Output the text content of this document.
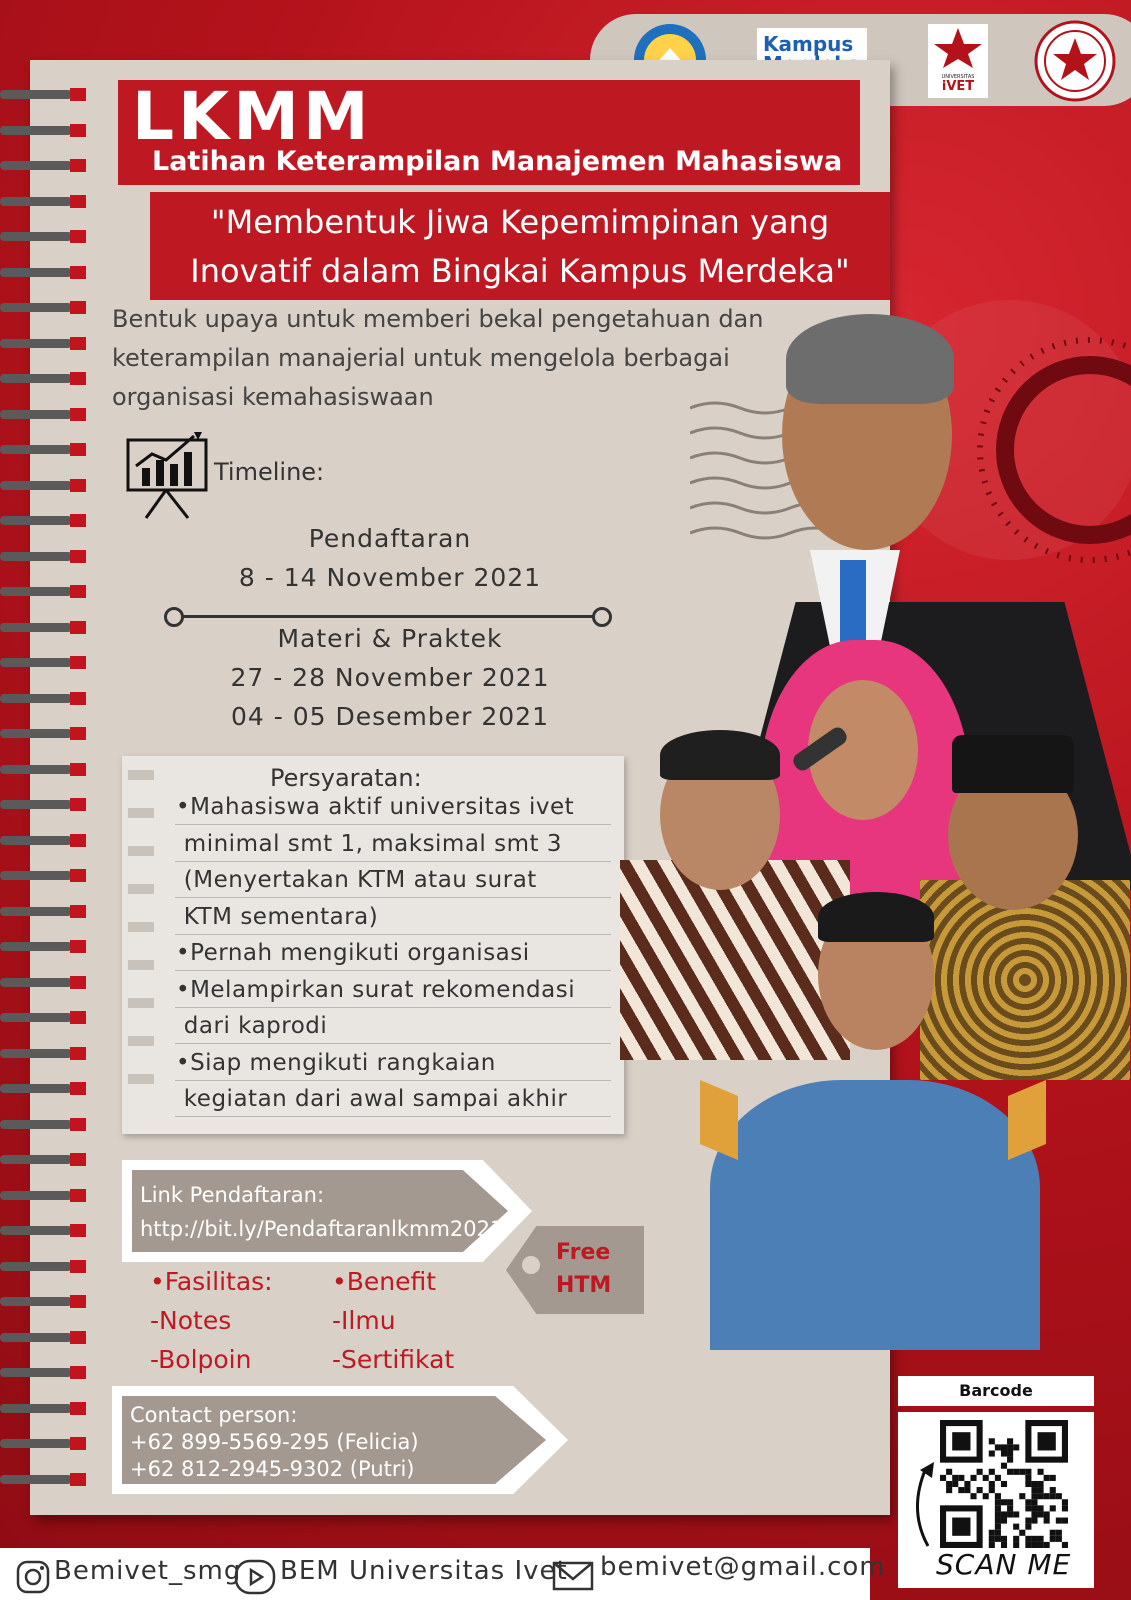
Kampus
UNIVERSITAS
iVET
LKMM
Latihan Keterampilan Manajemen Mahasiswa
"Membentuk Jiwa Kepemimpinan yang
Inovatif dalam Bingkai Kampus Merdeka"
Bentuk upaya untuk memberi bekal pengetahuan dan
keterampilan manajerial untuk mengelola berbagai
organisasi kemahasiswaan
Timeline:
Pendaftaran
8 - 14 November 2021
Materi & Praktek
27 - 28 November 2021
04 - 05 Desember 2021
Persyaratan:
•Mahasiswa aktif universitas ivet
minimal smt 1, maksimal smt 3
(Menyertakan KTM atau surat
KTM sementara)
•Pernah mengikuti organisasi
•Melampirkan surat rekomendasi
dari kaprodi
•Siap mengikuti rangkaian
kegiatan dari awal sampai akhir
Link Pendaftaran:
http://bit.ly/Pendaftaranlkmm2021
Free
HTM
•Fasilitas:
-Notes
-Bolpoin
•Benefit
-Ilmu
-Sertifikat
Contact person:
+62 899-5569-295 (Felicia)
+62 812-2945-9302 (Putri)
Barcode
SCAN ME
Bemivet_smg BEM Universitas Ivet bemivet@gmail.com
